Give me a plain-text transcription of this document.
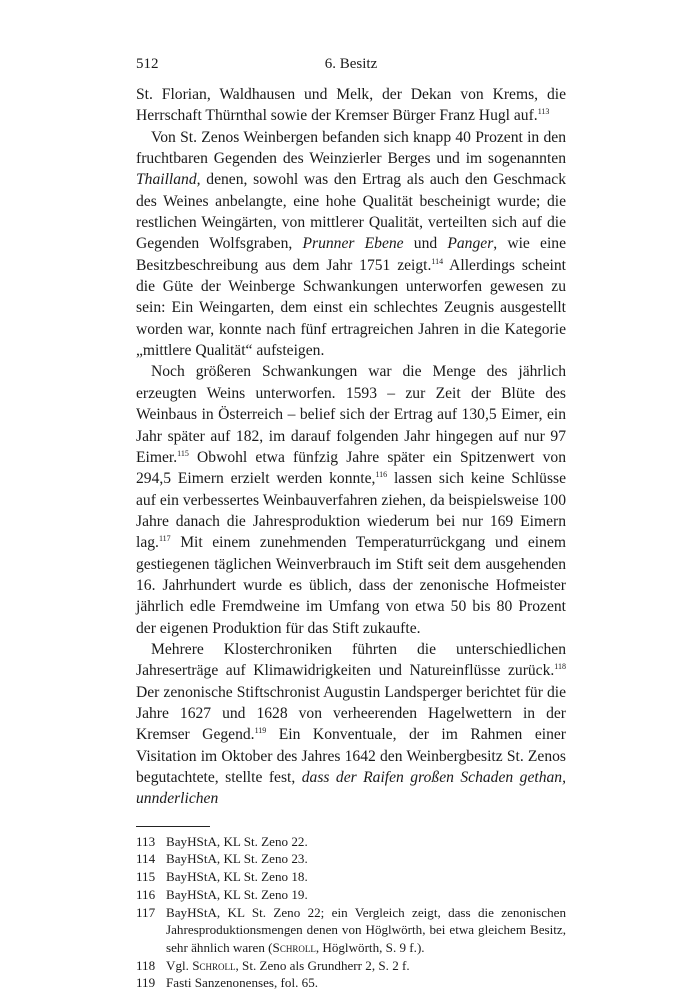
512	6. Besitz

St. Florian, Waldhausen und Melk, der Dekan von Krems, die Herrschaft Thürnthal sowie der Kremser Bürger Franz Hugl auf.$^{113}$

Von St. Zenos Weinbergen befanden sich knapp 40 Prozent in den fruchtbaren Gegenden des Weinzierler Berges und im sogenannten Thailland, denen, sowohl was den Ertrag als auch den Geschmack des Weines anbelangte, eine hohe Qualität bescheinigt wurde; die restlichen Weingärten, von mittlerer Qualität, verteilten sich auf die Gegenden Wolfsgraben, Prunner Ebene und Panger, wie eine Besitzbeschreibung aus dem Jahr 1751 zeigt.$^{114}$ Allerdings scheint die Güte der Weinberge Schwankungen unterworfen gewesen zu sein: Ein Weingarten, dem einst ein schlechtes Zeugnis ausgestellt worden war, konnte nach fünf ertragreichen Jahren in die Kategorie „mittlere Qualität“ aufsteigen.

Noch größeren Schwankungen war die Menge des jährlich erzeugten Weins unterworfen. 1593 – zur Zeit der Blüte des Weinbaus in Österreich – belief sich der Ertrag auf 130,5 Eimer, ein Jahr später auf 182, im darauf folgenden Jahr hingegen auf nur 97 Eimer.$^{115}$ Obwohl etwa fünfzig Jahre später ein Spitzenwert von 294,5 Eimern erzielt werden konnte,$^{116}$ lassen sich keine Schlüsse auf ein verbessertes Weinbauverfahren ziehen, da beispielsweise 100 Jahre danach die Jahresproduktion wiederum bei nur 169 Eimern lag.$^{117}$ Mit einem zunehmenden Temperaturrückgang und einem gestiegenen täglichen Weinverbrauch im Stift seit dem ausgehenden 16. Jahrhundert wurde es üblich, dass der zenonische Hofmeister jährlich edle Fremdweine im Umfang von etwa 50 bis 80 Prozent der eigenen Produktion für das Stift zukaufte.

Mehrere Klosterchroniken führten die unterschiedlichen Jahreserträge auf Klimawidrigkeiten und Natureinflüsse zurück.$^{118}$ Der zenonische Stiftschronist Augustin Landsperger berichtet für die Jahre 1627 und 1628 von verheerenden Hagelwettern in der Kremser Gegend.$^{119}$ Ein Konventuale, der im Rahmen einer Visitation im Oktober des Jahres 1642 den Weinbergbesitz St. Zenos begutachtete, stellte fest, dass der Raifen großen Schaden gethan, unnderlichen

113 BayHStA, KL St. Zeno 22.
114 BayHStA, KL St. Zeno 23.
115 BayHStA, KL St. Zeno 18.
116 BayHStA, KL St. Zeno 19.
117 BayHStA, KL St. Zeno 22; ein Vergleich zeigt, dass die zenonischen Jahresproduktionsmengen denen von Höglwörth, bei etwa gleichem Besitz, sehr ähnlich waren (Schroll, Höglwörth, S. 9 f.).
118 Vgl. Schroll, St. Zeno als Grundherr 2, S. 2 f.
119 Fasti Sanzenonenses, fol. 65.
